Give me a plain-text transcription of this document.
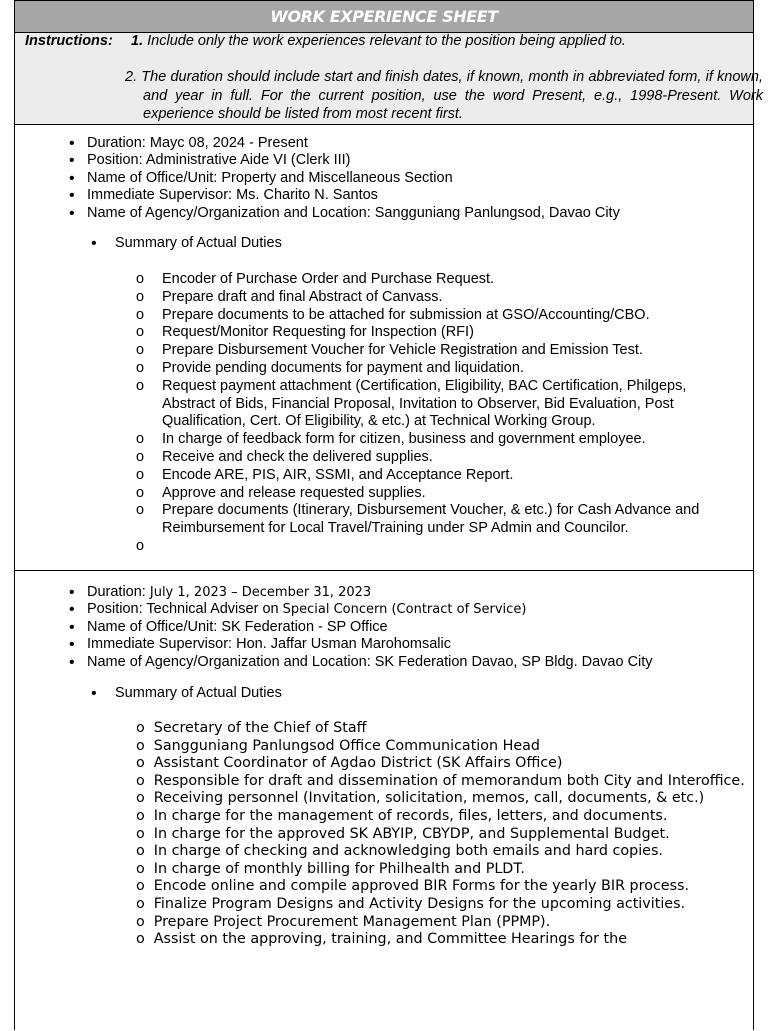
WORK EXPERIENCE SHEET
Instructions: 1. Include only the work experiences relevant to the position being applied to.
2. The duration should include start and finish dates, if known, month in abbreviated form, if known, and year in full. For the current position, use the word Present, e.g., 1998-Present. Work experience should be listed from most recent first.
• Duration: Mayc 08, 2024 - Present
• Position: Administrative Aide VI (Clerk III)
• Name of Office/Unit: Property and Miscellaneous Section
• Immediate Supervisor: Ms. Charito N. Santos
• Name of Agency/Organization and Location: Sangguniang Panlungsod, Davao City
• Summary of Actual Duties
o Encoder of Purchase Order and Purchase Request.
o Prepare draft and final Abstract of Canvass.
o Prepare documents to be attached for submission at GSO/Accounting/CBO.
o Request/Monitor Requesting for Inspection (RFI)
o Prepare Disbursement Voucher for Vehicle Registration and Emission Test.
o Provide pending documents for payment and liquidation.
o Request payment attachment (Certification, Eligibility, BAC Certification, Philgeps, Abstract of Bids, Financial Proposal, Invitation to Observer, Bid Evaluation, Post Qualification, Cert. Of Eligibility, & etc.) at Technical Working Group.
o In charge of feedback form for citizen, business and government employee.
o Receive and check the delivered supplies.
o Encode ARE, PIS, AIR, SSMI, and Acceptance Report.
o Approve and release requested supplies.
o Prepare documents (Itinerary, Disbursement Voucher, & etc.) for Cash Advance and Reimbursement for Local Travel/Training under SP Admin and Councilor.
o
• Duration: July 1, 2023 – December 31, 2023
• Position: Technical Adviser on Special Concern (Contract of Service)
• Name of Office/Unit: SK Federation - SP Office
• Immediate Supervisor: Hon. Jaffar Usman Marohomsalic
• Name of Agency/Organization and Location: SK Federation Davao, SP Bldg. Davao City
• Summary of Actual Duties
o Secretary of the Chief of Staff
o Sangguniang Panlungsod Office Communication Head
o Assistant Coordinator of Agdao District (SK Affairs Office)
o Responsible for draft and dissemination of memorandum both City and Interoffice.
o Receiving personnel (Invitation, solicitation, memos, call, documents, & etc.)
o In charge for the management of records, files, letters, and documents.
o In charge for the approved SK ABYIP, CBYDP, and Supplemental Budget.
o In charge of checking and acknowledging both emails and hard copies.
o In charge of monthly billing for Philhealth and PLDT.
o Encode online and compile approved BIR Forms for the yearly BIR process.
o Finalize Program Designs and Activity Designs for the upcoming activities.
o Prepare Project Procurement Management Plan (PPMP).
o Assist on the approving, training, and Committee Hearings for the
